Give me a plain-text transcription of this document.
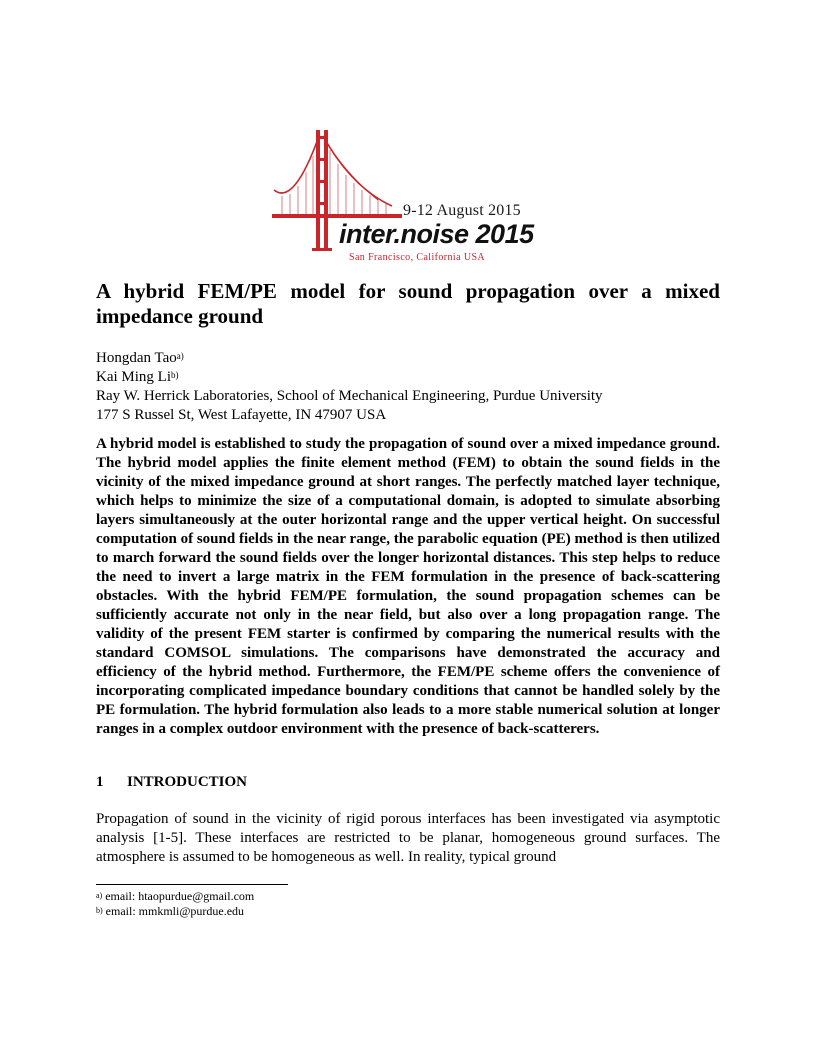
9-12 August 2015
inter.noise 2015
San Francisco, California USA
A hybrid FEM/PE model for sound propagation over a mixed impedance ground
Hongdan Tao$^{a)}$
Kai Ming Li$^{b)}$
Ray W. Herrick Laboratories, School of Mechanical Engineering, Purdue University
177 S Russel St, West Lafayette, IN 47907 USA
A hybrid model is established to study the propagation of sound over a mixed impedance ground. The hybrid model applies the finite element method (FEM) to obtain the sound fields in the vicinity of the mixed impedance ground at short ranges. The perfectly matched layer technique, which helps to minimize the size of a computational domain, is adopted to simulate absorbing layers simultaneously at the outer horizontal range and the upper vertical height. On successful computation of sound fields in the near range, the parabolic equation (PE) method is then utilized to march forward the sound fields over the longer horizontal distances. This step helps to reduce the need to invert a large matrix in the FEM formulation in the presence of back-scattering obstacles. With the hybrid FEM/PE formulation, the sound propagation schemes can be sufficiently accurate not only in the near field, but also over a long propagation range. The validity of the present FEM starter is confirmed by comparing the numerical results with the standard COMSOL simulations. The comparisons have demonstrated the accuracy and efficiency of the hybrid method. Furthermore, the FEM/PE scheme offers the convenience of incorporating complicated impedance boundary conditions that cannot be handled solely by the PE formulation. The hybrid formulation also leads to a more stable numerical solution at longer ranges in a complex outdoor environment with the presence of back-scatterers.
1 INTRODUCTION
Propagation of sound in the vicinity of rigid porous interfaces has been investigated via asymptotic analysis [1-5]. These interfaces are restricted to be planar, homogeneous ground surfaces. The atmosphere is assumed to be homogeneous as well. In reality, typical ground
$^{a)}$ email: htaopurdue@gmail.com
$^{b)}$ email: mmkmli@purdue.edu
